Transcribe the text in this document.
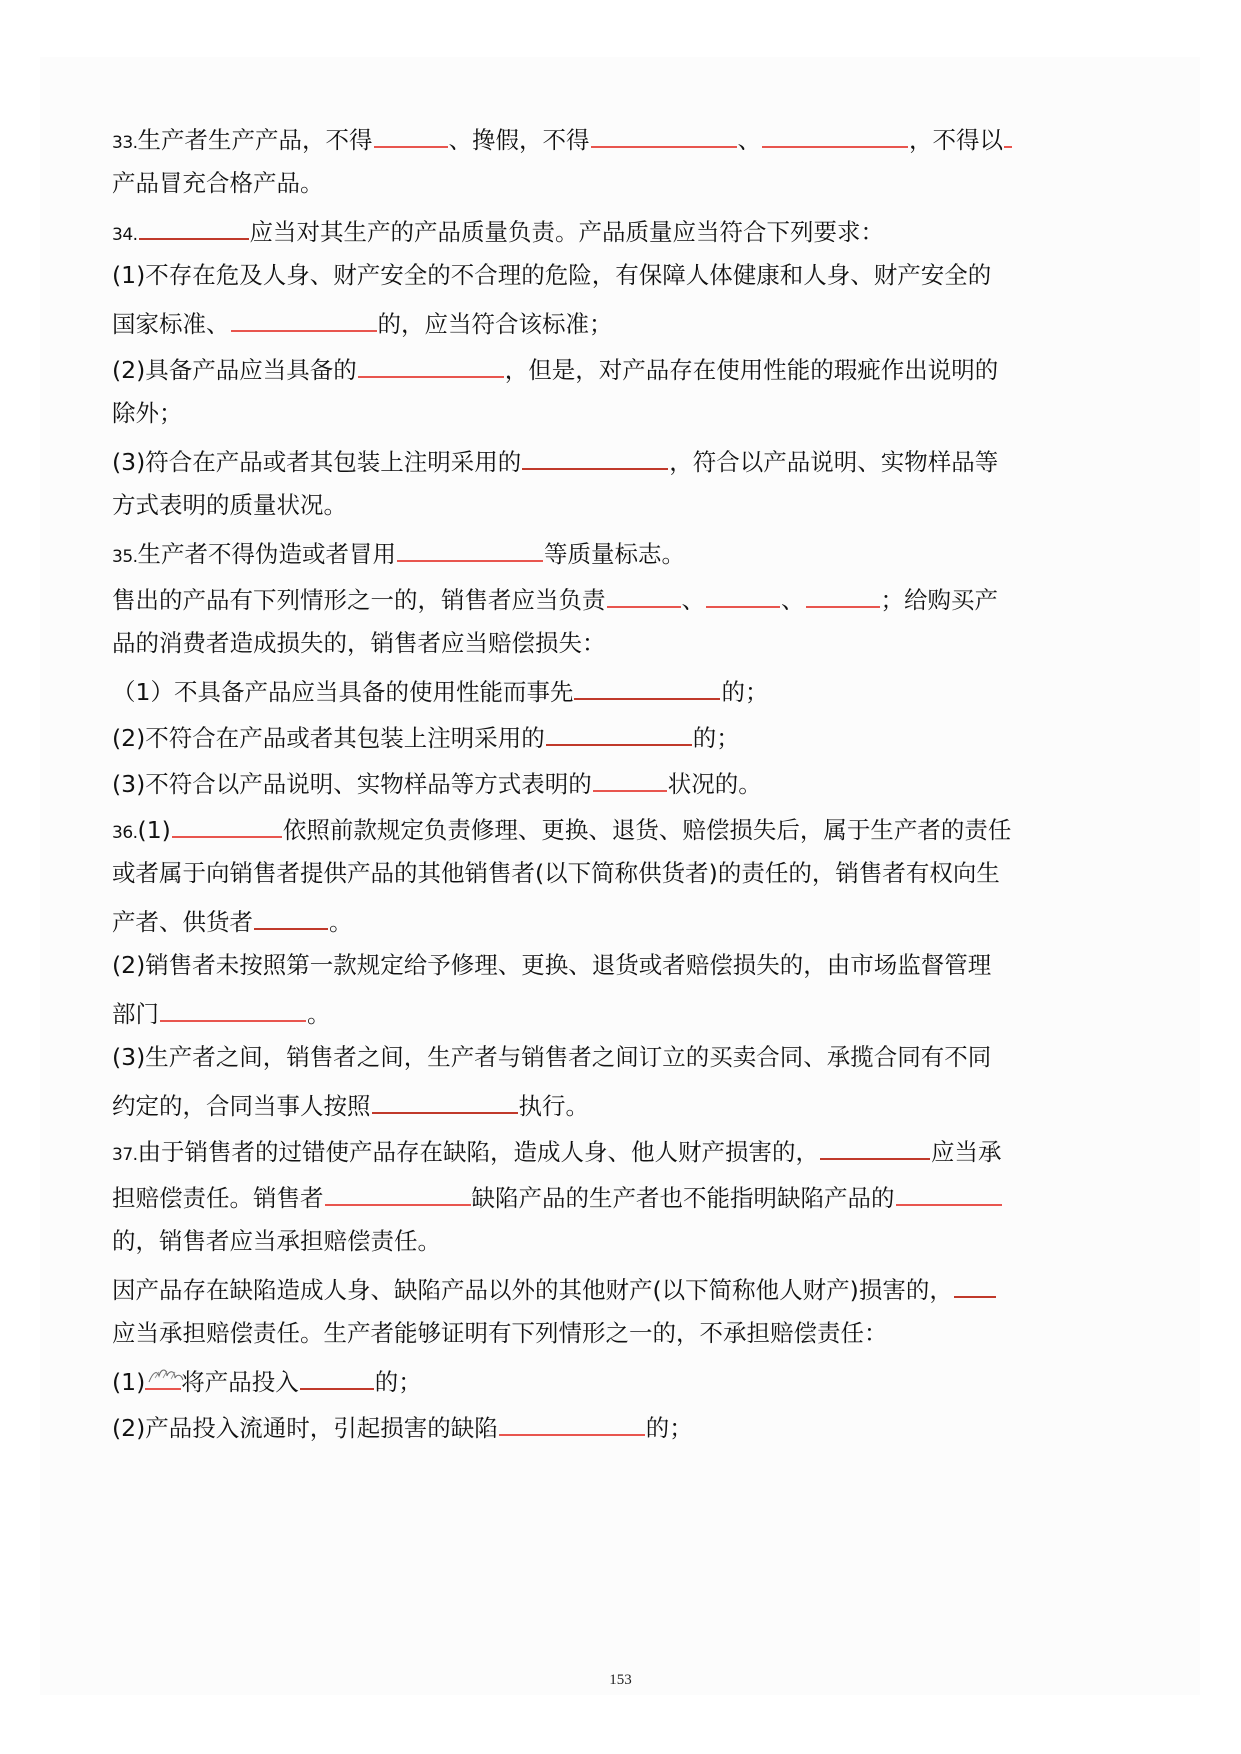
33.生产者生产产品，不得	、搀假，不得	、	，不得以
产品冒充合格产品。
34.	应当对其生产的产品质量负责。产品质量应当符合下列要求：
(1)不存在危及人身、财产安全的不合理的危险，有保障人体健康和人身、财产安全的
国家标准、	的，应当符合该标准；
(2)具备产品应当具备的	，但是，对产品存在使用性能的瑕疵作出说明的
除外；
(3)符合在产品或者其包装上注明采用的	，符合以产品说明、实物样品等
方式表明的质量状况。
35.生产者不得伪造或者冒用	等质量标志。
售出的产品有下列情形之一的，销售者应当负责	、	、	；给购买产
品的消费者造成损失的，销售者应当赔偿损失：
（1）不具备产品应当具备的使用性能而事先	的；
(2)不符合在产品或者其包装上注明采用的	的；
(3)不符合以产品说明、实物样品等方式表明的	状况的。
36.(1)	依照前款规定负责修理、更换、退货、赔偿损失后，属于生产者的责任
或者属于向销售者提供产品的其他销售者(以下简称供货者)的责任的，销售者有权向生
产者、供货者	。
(2)销售者未按照第一款规定给予修理、更换、退货或者赔偿损失的，由市场监督管理
部门	。
(3)生产者之间，销售者之间，生产者与销售者之间订立的买卖合同、承揽合同有不同
约定的，合同当事人按照	执行。
37.由于销售者的过错使产品存在缺陷，造成人身、他人财产损害的，	应当承
担赔偿责任。销售者	缺陷产品的生产者也不能指明缺陷产品的
的，销售者应当承担赔偿责任。
因产品存在缺陷造成人身、缺陷产品以外的其他财产(以下简称他人财产)损害的，
应当承担赔偿责任。生产者能够证明有下列情形之一的，不承担赔偿责任：
(1) 将产品投入	的；
(2)产品投入流通时，引起损害的缺陷	的；
153
